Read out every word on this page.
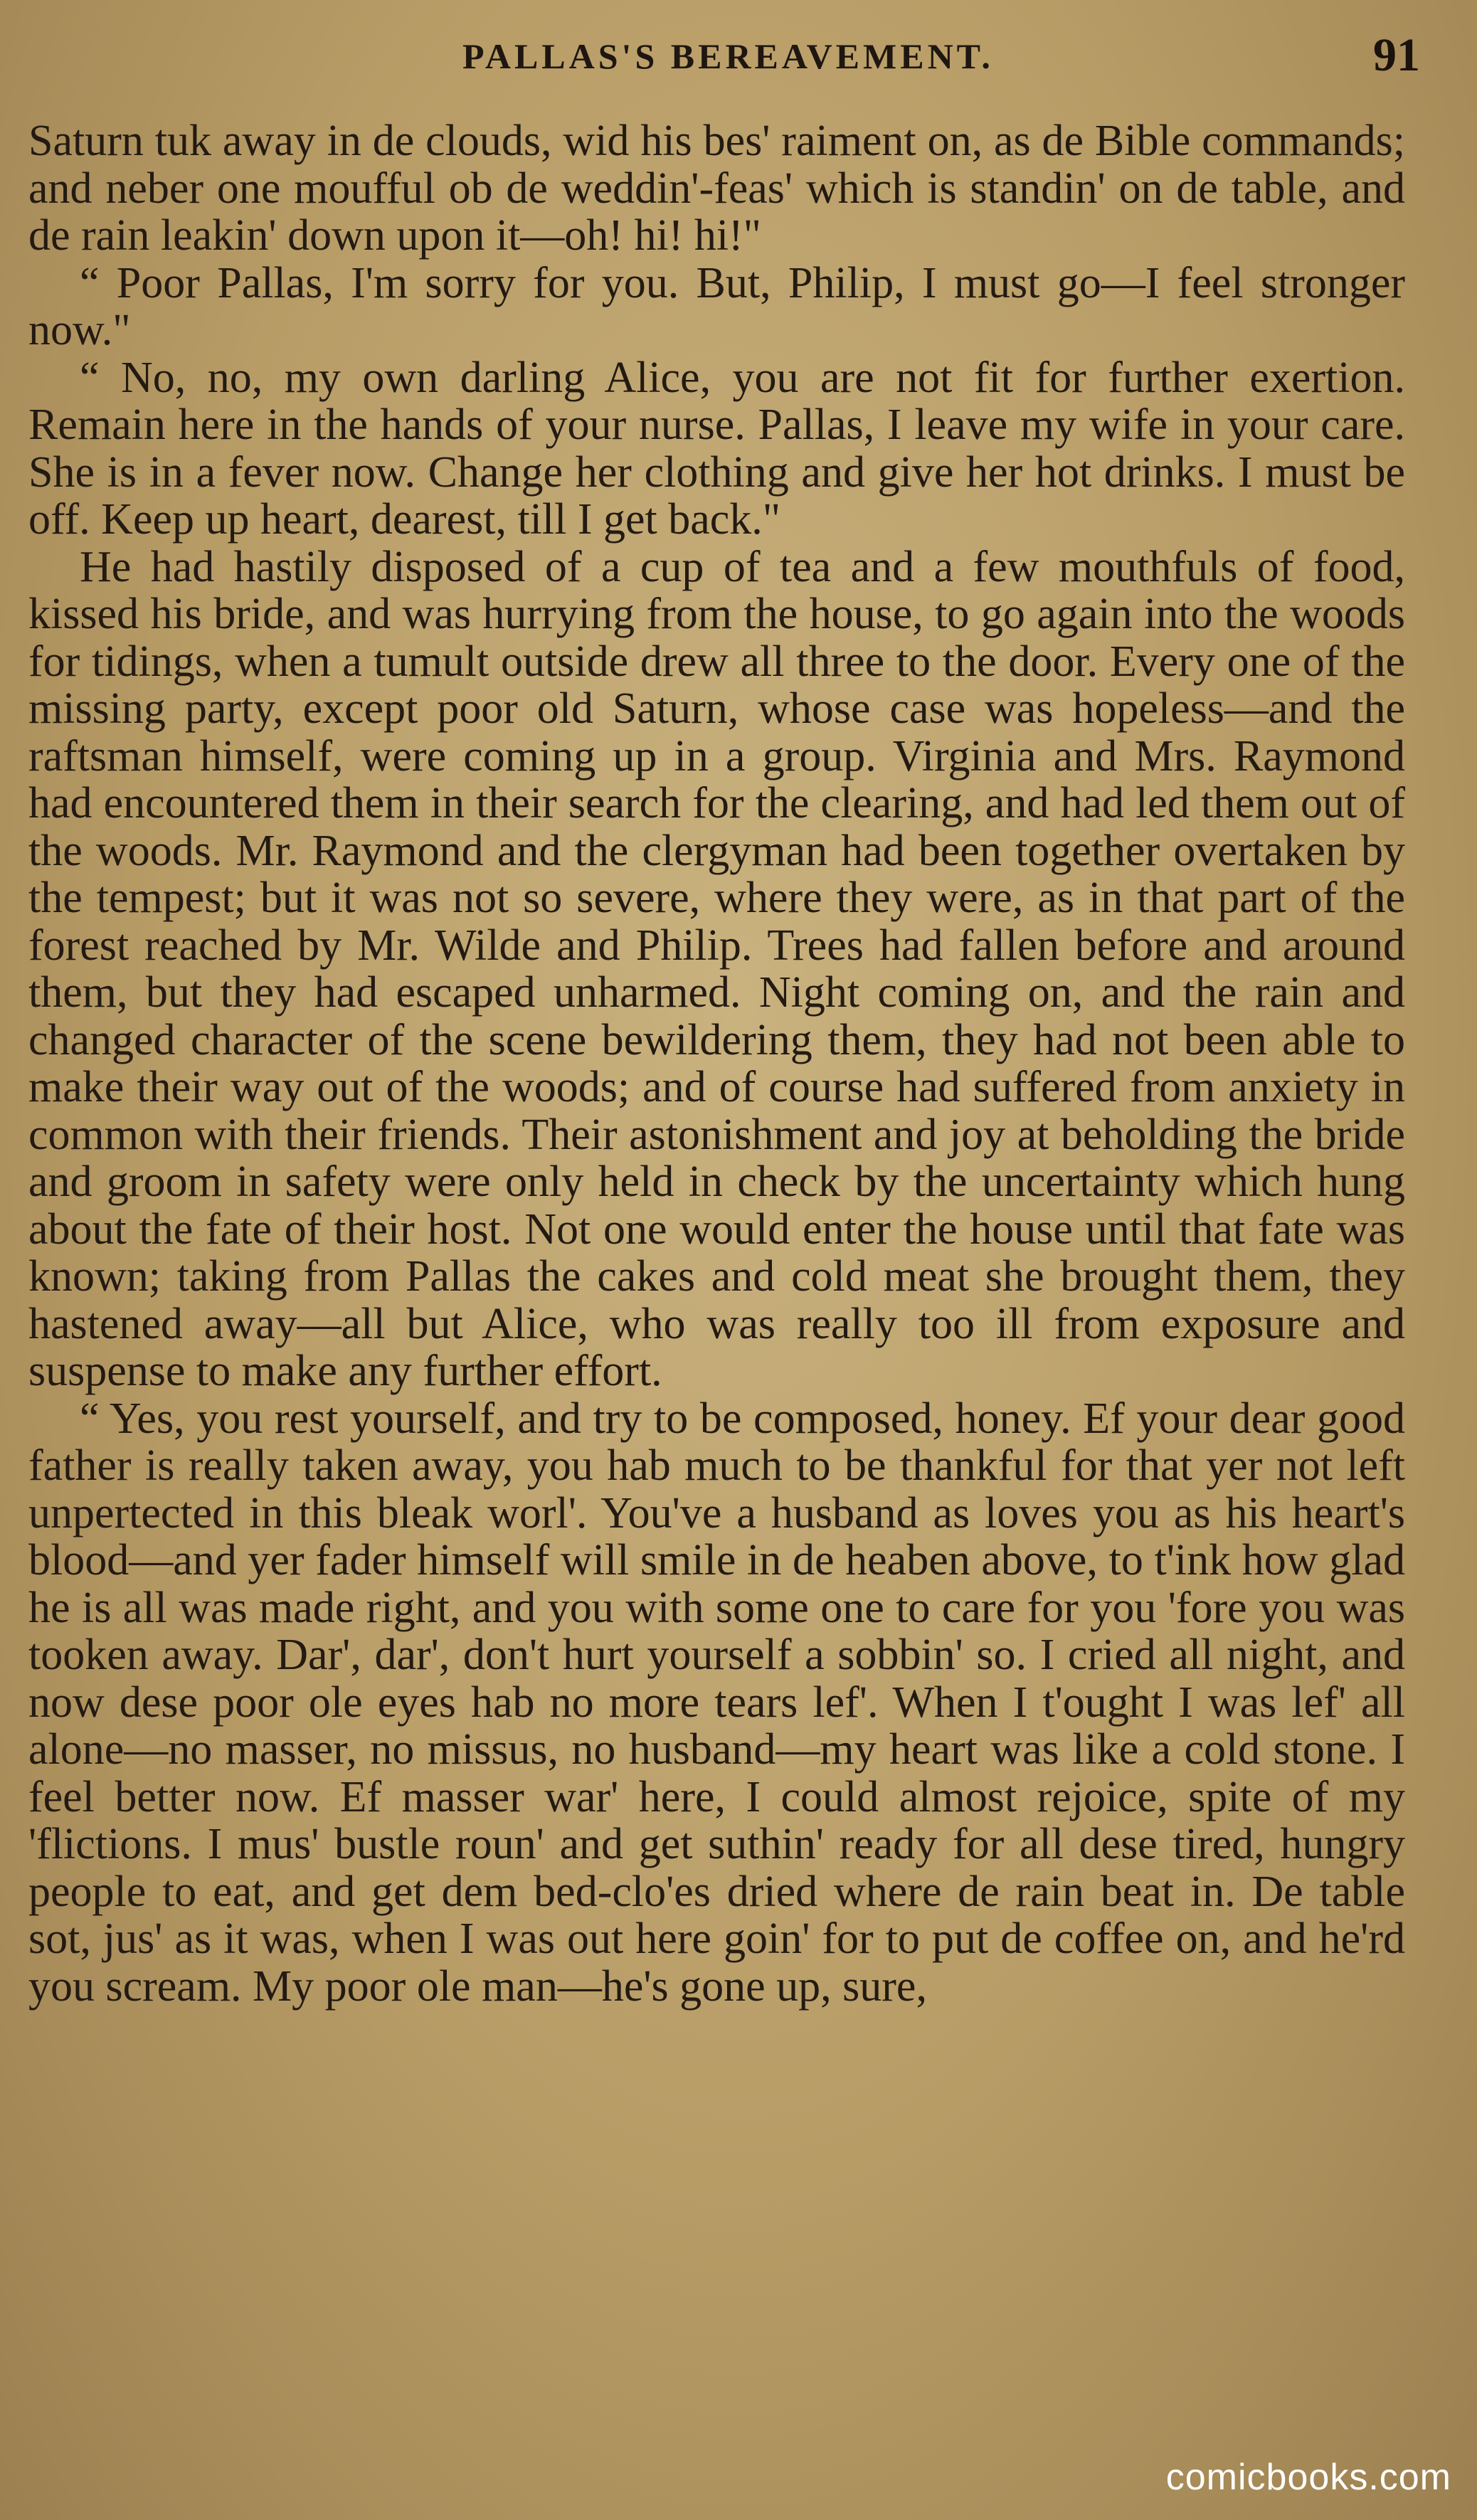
PALLAS'S BEREAVEMENT.	91

Saturn tuk away in de clouds, wid his bes' raiment on, as de Bible commands; and neber one moufful ob de weddin'-feas' which is standin' on de table, and de rain leakin' down upon it—oh! hi! hi!"

“ Poor Pallas, I'm sorry for you. But, Philip, I must go—I feel stronger now."

“ No, no, my own darling Alice, you are not fit for further exertion. Remain here in the hands of your nurse. Pallas, I leave my wife in your care. She is in a fever now. Change her clothing and give her hot drinks. I must be off. Keep up heart, dearest, till I get back."

He had hastily disposed of a cup of tea and a few mouthfuls of food, kissed his bride, and was hurrying from the house, to go again into the woods for tidings, when a tumult outside drew all three to the door. Every one of the missing party, except poor old Saturn, whose case was hopeless—and the raftsman himself, were coming up in a group. Virginia and Mrs. Raymond had encountered them in their search for the clearing, and had led them out of the woods. Mr. Raymond and the clergyman had been together overtaken by the tempest; but it was not so severe, where they were, as in that part of the forest reached by Mr. Wilde and Philip. Trees had fallen before and around them, but they had escaped unharmed. Night coming on, and the rain and changed character of the scene bewildering them, they had not been able to make their way out of the woods; and of course had suffered from anxiety in common with their friends. Their astonishment and joy at beholding the bride and groom in safety were only held in check by the uncertainty which hung about the fate of their host. Not one would enter the house until that fate was known; taking from Pallas the cakes and cold meat she brought them, they hastened away—all but Alice, who was really too ill from exposure and suspense to make any further effort.

“ Yes, you rest yourself, and try to be composed, honey. Ef your dear good father is really taken away, you hab much to be thankful for that yer not left unpertected in this bleak worl'. You've a husband as loves you as his heart's blood—and yer fader himself will smile in de heaben above, to t'ink how glad he is all was made right, and you with some one to care for you 'fore you was tooken away. Dar', dar', don't hurt yourself a sobbin' so. I cried all night, and now dese poor ole eyes hab no more tears lef'. When I t'ought I was lef' all alone—no masser, no missus, no husband—my heart was like a cold stone. I feel better now. Ef masser war' here, I could almost rejoice, spite of my 'flictions. I mus' bustle roun' and get suthin' ready for all dese tired, hungry people to eat, and get dem bed-clo'es dried where de rain beat in. De table sot, jus' as it was, when I was out here goin' for to put de coffee on, and he'rd you scream. My poor ole man—he's gone up, sure,

comicbooks.com
